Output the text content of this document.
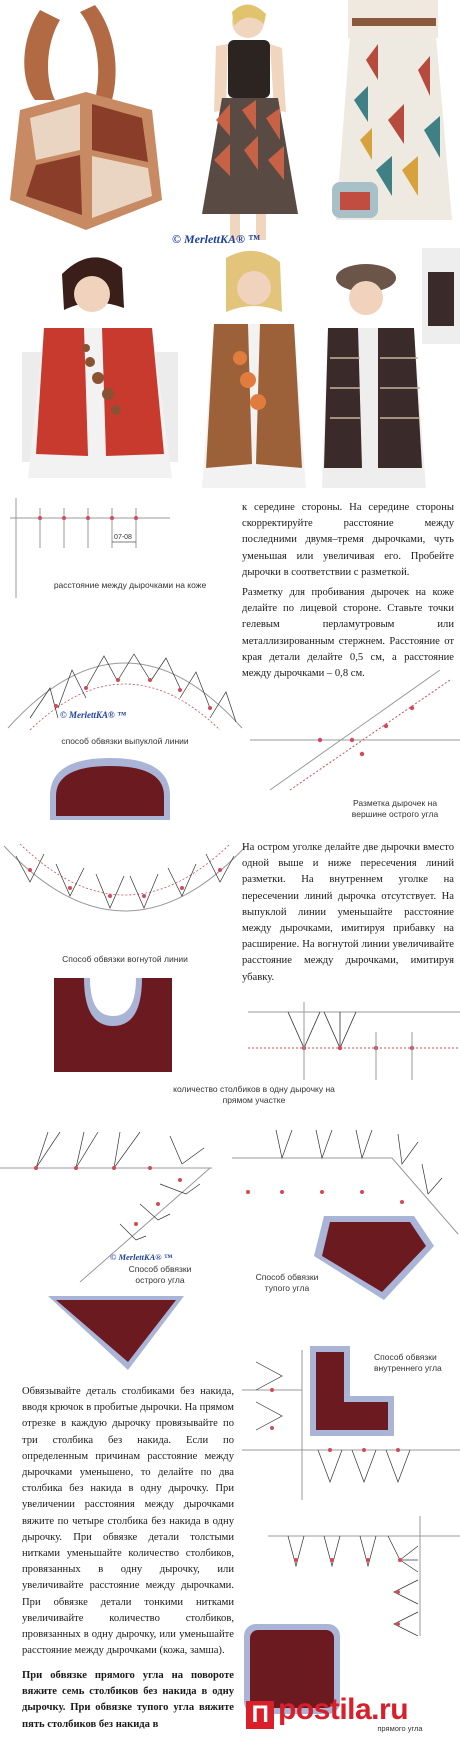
© MerlettKA® ™
07-08
расстояние между дырочками на коже
© MerlettKA® ™
способ обвязки выпуклой линии
Способ обвязки вогнутой линии
к середине стороны. На середине стороны скорректируйте расстояние между последними двумя–тремя дырочками, чуть уменьшая или увеличивая его. Пробейте дырочки в соответствии с разметкой.
Разметку для пробивания дырочек на коже делайте по лицевой стороне. Ставьте точки гелевым перламутровым или металлизированным стержнем. Расстояние от края детали делайте 0,5 см, а расстояние между дырочками – 0,8 см.
Разметка дырочек на вершине острого угла
На остром уголке делайте две дырочки вместо одной выше и ниже пересечения линий разметки. На внутреннем уголке на пересечении линий дырочка отсутствует. На выпуклой линии уменьшайте расстояние между дырочками, имитируя прибавку на расширение. На вогнутой линии увеличивайте расстояние между дырочками, имитируя убавку.
количество столбиков в одну дырочку на прямом участке
© MerlettKA® ™
Способ обвязки острого угла	Способ обвязки тупого угла
Обвязывайте деталь столбиками без накида, вводя крючок в пробитые дырочки. На прямом отрезке в каждую дырочку провязывайте по три столбика без накида. Если по определенным причинам расстояние между дырочками уменьшено, то делайте по два столбика без накида в одну дырочку. При увеличении расстояния между дырочками вяжите по четыре столбика без накида в одну дырочку. При обвязке детали толстыми нитками уменьшайте количество столбиков, провязанных в одну дырочку, или увеличивайте расстояние между дырочками. При обвязке детали тонкими нитками увеличивайте количество столбиков, провязанных в одну дырочку, или уменьшайте расстояние между дырочками (кожа, замша).
При обвязке прямого угла на повороте вяжите семь столбиков без накида в одну дырочку. При обвязке тупого угла вяжите пять столбиков без накида в
Способ обвязки внутреннего угла
прямого угла
П postila.ru
